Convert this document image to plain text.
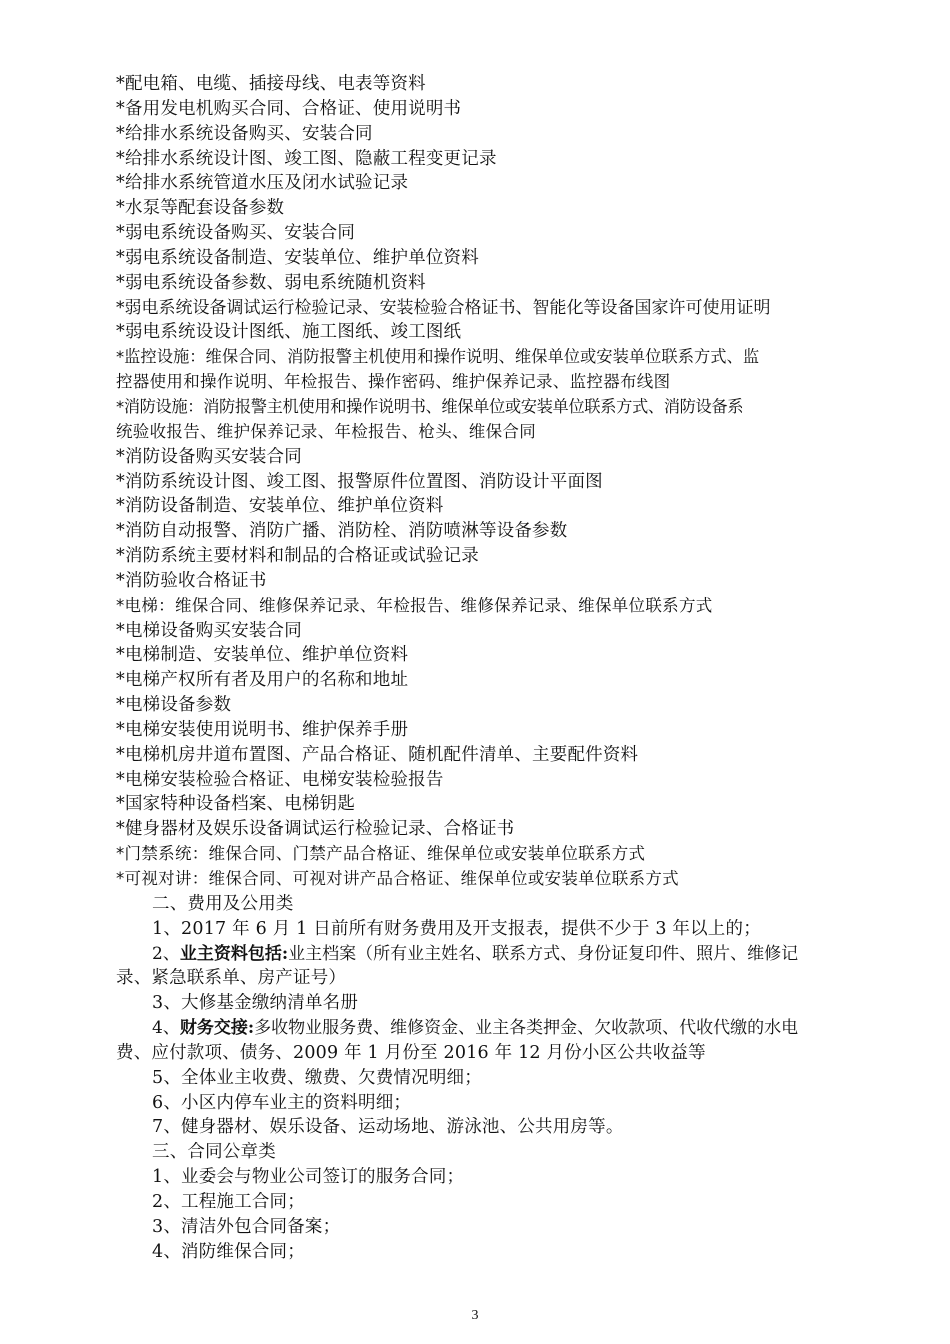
*配电箱、电缆、插接母线、电表等资料
*备用发电机购买合同、合格证、使用说明书
*给排水系统设备购买、安装合同
*给排水系统设计图、竣工图、隐蔽工程变更记录
*给排水系统管道水压及闭水试验记录
*水泵等配套设备参数
*弱电系统设备购买、安装合同
*弱电系统设备制造、安装单位、维护单位资料
*弱电系统设备参数、弱电系统随机资料
*弱电系统设备调试运行检验记录、安装检验合格证书、智能化等设备国家许可使用证明
*弱电系统设设计图纸、施工图纸、竣工图纸
*监控设施：维保合同、消防报警主机使用和操作说明、维保单位或安装单位联系方式、监
控器使用和操作说明、年检报告、操作密码、维护保养记录、监控器布线图
*消防设施：消防报警主机使用和操作说明书、维保单位或安装单位联系方式、消防设备系
统验收报告、维护保养记录、年检报告、枪头、维保合同
*消防设备购买安装合同
*消防系统设计图、竣工图、报警原件位置图、消防设计平面图
*消防设备制造、安装单位、维护单位资料
*消防自动报警、消防广播、消防栓、消防喷淋等设备参数
*消防系统主要材料和制品的合格证或试验记录
*消防验收合格证书
*电梯：维保合同、维修保养记录、年检报告、维修保养记录、维保单位联系方式
*电梯设备购买安装合同
*电梯制造、安装单位、维护单位资料
*电梯产权所有者及用户的名称和地址
*电梯设备参数
*电梯安装使用说明书、维护保养手册
*电梯机房井道布置图、产品合格证、随机配件清单、主要配件资料
*电梯安装检验合格证、电梯安装检验报告
*国家特种设备档案、电梯钥匙
*健身器材及娱乐设备调试运行检验记录、合格证书
*门禁系统：维保合同、门禁产品合格证、维保单位或安装单位联系方式
*可视对讲：维保合同、可视对讲产品合格证、维保单位或安装单位联系方式
二、费用及公用类
1、2017 年 6 月 1 日前所有财务费用及开支报表，提供不少于 3 年以上的；
2、业主资料包括:业主档案（所有业主姓名、联系方式、身份证复印件、照片、维修记
录、紧急联系单、房产证号）
3、大修基金缴纳清单名册
4、财务交接:多收物业服务费、维修资金、业主各类押金、欠收款项、代收代缴的水电
费、应付款项、债务、2009 年 1 月份至 2016 年 12 月份小区公共收益等
5、全体业主收费、缴费、欠费情况明细；
6、小区内停车业主的资料明细；
7、健身器材、娱乐设备、运动场地、游泳池、公共用房等。
三、合同公章类
1、业委会与物业公司签订的服务合同；
2、工程施工合同；
3、清洁外包合同备案；
4、消防维保合同；
3
